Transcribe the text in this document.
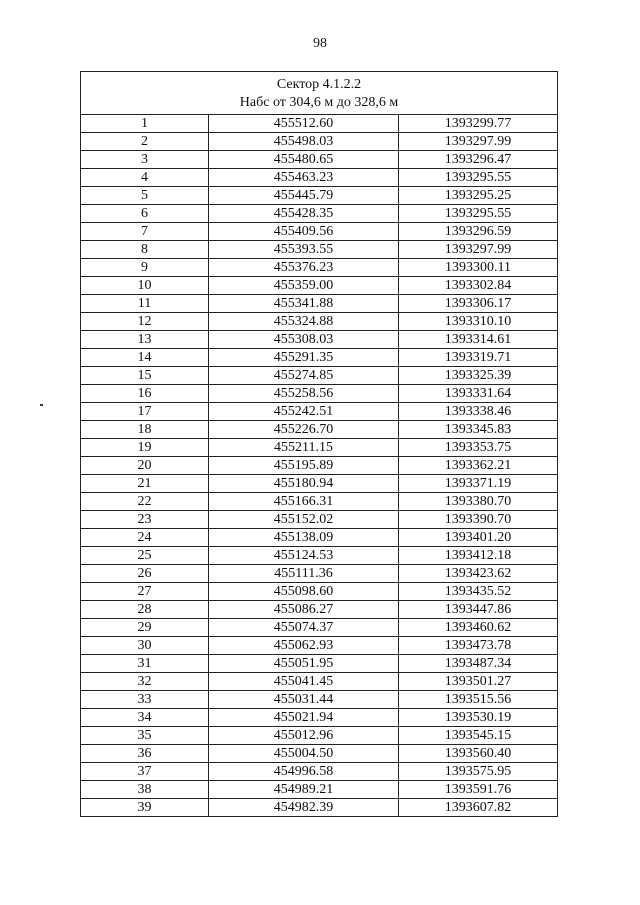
98
Сектор 4.1.2.2
Набс от 304,6 м до 328,6 м		

1	455512.60	1393299.77
2	455498.03	1393297.99
3	455480.65	1393296.47
4	455463.23	1393295.55
5	455445.79	1393295.25
6	455428.35	1393295.55
7	455409.56	1393296.59
8	455393.55	1393297.99
9	455376.23	1393300.11
10	455359.00	1393302.84
11	455341.88	1393306.17
12	455324.88	1393310.10
13	455308.03	1393314.61
14	455291.35	1393319.71
15	455274.85	1393325.39
16	455258.56	1393331.64
17	455242.51	1393338.46
18	455226.70	1393345.83
19	455211.15	1393353.75
20	455195.89	1393362.21
21	455180.94	1393371.19
22	455166.31	1393380.70
23	455152.02	1393390.70
24	455138.09	1393401.20
25	455124.53	1393412.18
26	455111.36	1393423.62
27	455098.60	1393435.52
28	455086.27	1393447.86
29	455074.37	1393460.62
30	455062.93	1393473.78
31	455051.95	1393487.34
32	455041.45	1393501.27
33	455031.44	1393515.56
34	455021.94	1393530.19
35	455012.96	1393545.15
36	455004.50	1393560.40
37	454996.58	1393575.95
38	454989.21	1393591.76
39	454982.39	1393607.82
